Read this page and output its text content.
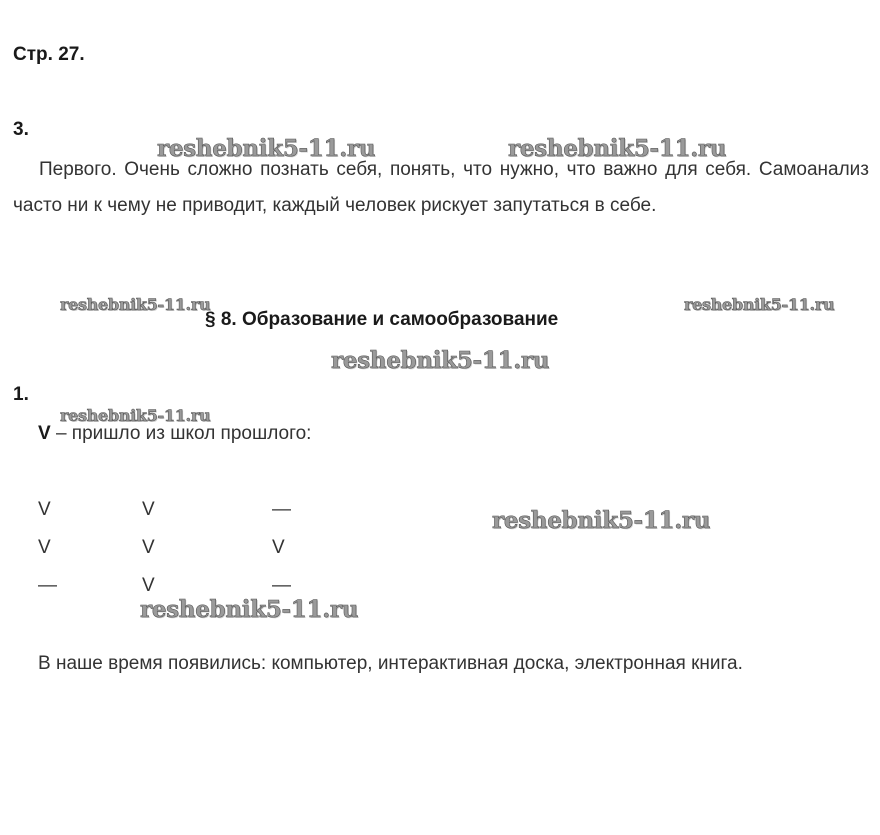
Стр. 27.
3.
Первого. Очень сложно познать себя, понять, что нужно, что важно для себя. Самоанализ часто ни к чему не приводит, каждый человек рискует запутаться в себе.
§ 8. Образование и самообразование
1.
V – пришло из школ прошлого:
V	V	—
V	V	V
—	V	—
В наше время появились: компьютер, интерактивная доска, электронная книга.
reshebnik5-11.ru	reshebnik5-11.ru
reshebnik5-11.ru	reshebnik5-11.ru
reshebnik5-11.ru
reshebnik5-11.ru
reshebnik5-11.ru
reshebnik5-11.ru
